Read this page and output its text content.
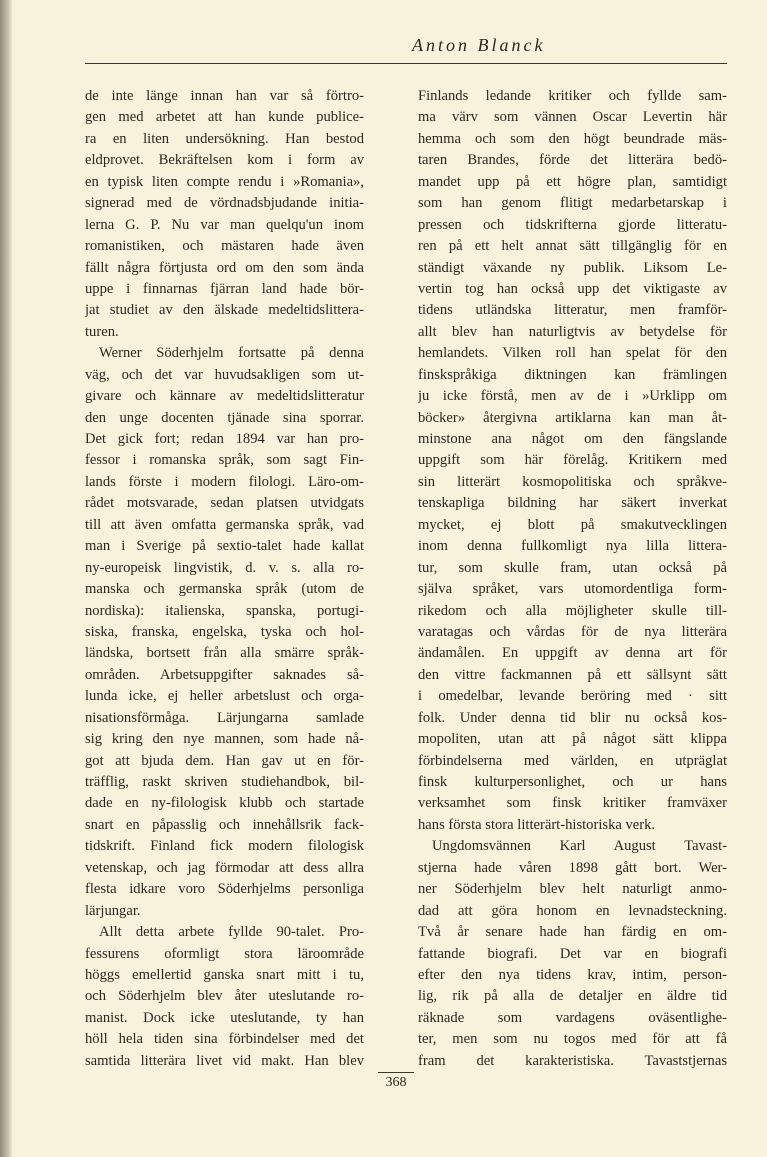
Anton Blanck
de inte länge innan han var så förtro-
gen med arbetet att han kunde publice-
ra en liten undersökning. Han bestod
eldprovet. Bekräftelsen kom i form av
en typisk liten compte rendu i »Romania»,
signerad med de vördnadsbjudande initia-
lerna G. P. Nu var man quelqu'un inom
romanistiken, och mästaren hade även
fällt några förtjusta ord om den som ända
uppe i finnarnas fjärran land hade bör-
jat studiet av den älskade medeltidslittera-
turen.
Werner Söderhjelm fortsatte på denna
väg, och det var huvudsakligen som ut-
givare och kännare av medeltidslitteratur
den unge docenten tjänade sina sporrar.
Det gick fort; redan 1894 var han pro-
fessor i romanska språk, som sagt Fin-
lands förste i modern filologi. Läro-om-
rådet motsvarade, sedan platsen utvidgats
till att även omfatta germanska språk, vad
man i Sverige på sextio-talet hade kallat
ny-europeisk lingvistik, d. v. s. alla ro-
manska och germanska språk (utom de
nordiska): italienska, spanska, portugi-
siska, franska, engelska, tyska och hol-
ländska, bortsett från alla smärre språk-
områden. Arbetsuppgifter saknades så-
lunda icke, ej heller arbetslust och orga-
nisationsförmåga. Lärjungarna samlade
sig kring den nye mannen, som hade nå-
got att bjuda dem. Han gav ut en för-
träfflig, raskt skriven studiehandbok, bil-
dade en ny-filologisk klubb och startade
snart en påpasslig och innehållsrik fack-
tidskrift. Finland fick modern filologisk
vetenskap, och jag förmodar att dess allra
flesta idkare voro Söderhjelms personliga
lärjungar.
Allt detta arbete fyllde 90-talet. Pro-
fessurens oformligt stora läroområde
höggs emellertid ganska snart mitt i tu,
och Söderhjelm blev åter uteslutande ro-
manist. Dock icke uteslutande, ty han
höll hela tiden sina förbindelser med det
samtida litterära livet vid makt. Han blev
Finlands ledande kritiker och fyllde sam-
ma värv som vännen Oscar Levertin här
hemma och som den högt beundrade mäs-
taren Brandes, förde det litterära bedö-
mandet upp på ett högre plan, samtidigt
som han genom flitigt medarbetarskap i
pressen och tidskrifterna gjorde litteratu-
ren på ett helt annat sätt tillgänglig för en
ständigt växande ny publik. Liksom Le-
vertin tog han också upp det viktigaste av
tidens utländska litteratur, men framför-
allt blev han naturligtvis av betydelse för
hemlandets. Vilken roll han spelat för den
finskspråkiga diktningen kan främlingen
ju icke förstå, men av de i »Urklipp om
böcker» återgivna artiklarna kan man åt-
minstone ana något om den fängslande
uppgift som här förelåg. Kritikern med
sin litterärt kosmopolitiska och språkve-
tenskapliga bildning har säkert inverkat
mycket, ej blott på smakutvecklingen
inom denna fullkomligt nya lilla littera-
tur, som skulle fram, utan också på
själva språket, vars utomordentliga form-
rikedom och alla möjligheter skulle till-
varatagas och vårdas för de nya litterära
ändamålen. En uppgift av denna art för
den vittre fackmannen på ett sällsynt sätt
i omedelbar, levande beröring med · sitt
folk. Under denna tid blir nu också kos-
mopoliten, utan att på något sätt klippa
förbindelserna med världen, en utpräglat
finsk kulturpersonlighet, och ur hans
verksamhet som finsk kritiker framväxer
hans första stora litterärt-historiska verk.
Ungdomsvännen Karl August Tavast-
stjerna hade våren 1898 gått bort. Wer-
ner Söderhjelm blev helt naturligt anmo-
dad att göra honom en levnadsteckning.
Två år senare hade han färdig en om-
fattande biografi. Det var en biografi
efter den nya tidens krav, intim, person-
lig, rik på alla de detaljer en äldre tid
räknade som vardagens oväsentlighe-
ter, men som nu togos med för att få
fram det karakteristiska. Tavaststjernas
368
